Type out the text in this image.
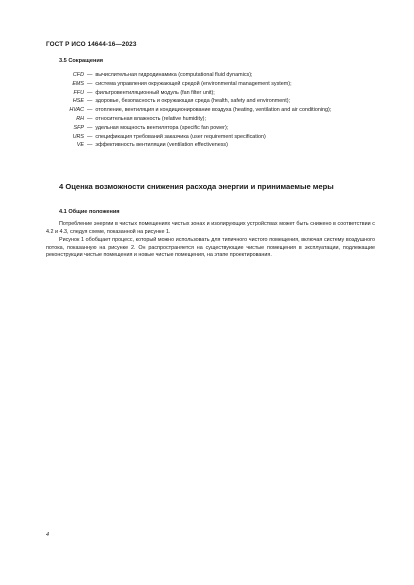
ГОСТ Р ИСО 14644-16—2023
3.5 Сокращения
CFD — вычислительная гидродинамика (computational fluid dynamics);
EMS — система управления окружающей средой (environmental management system);
FFU — фильтровентиляционный модуль (fan filter unit);
HSE — здоровье, безопасность и окружающая среда (health, safety and environment);
HVAC — отопление, вентиляция и кондиционирование воздуха (heating, ventilation and air conditioning);
RH — относительная влажность (relative humidity);
SFP — удельная мощность вентилятора (specific fan power);
URS — спецификация требований заказчика (user requirement specification)
VE — эффективность вентиляции (ventilation effectiveness)
4 Оценка возможности снижения расхода энергии и принимаемые меры
4.1 Общие положения

Потребление энергии в чистых помещениях чистых зонах и изолирующих устройствах может быть снижено в соответствии с 4.2 и 4.3, следуя схеме, показанной на рисунке 1.

Рисунок 1 обобщает процесс, который можно использовать для типичного чистого помещения, включая систему воздушного потока, показанную на рисунке 2. Он распространяется на существующие чистые помещения в эксплуатации, подлежащие реконструкции чистые помещения и новые чистые помещения, на этапе проектирования.

4
